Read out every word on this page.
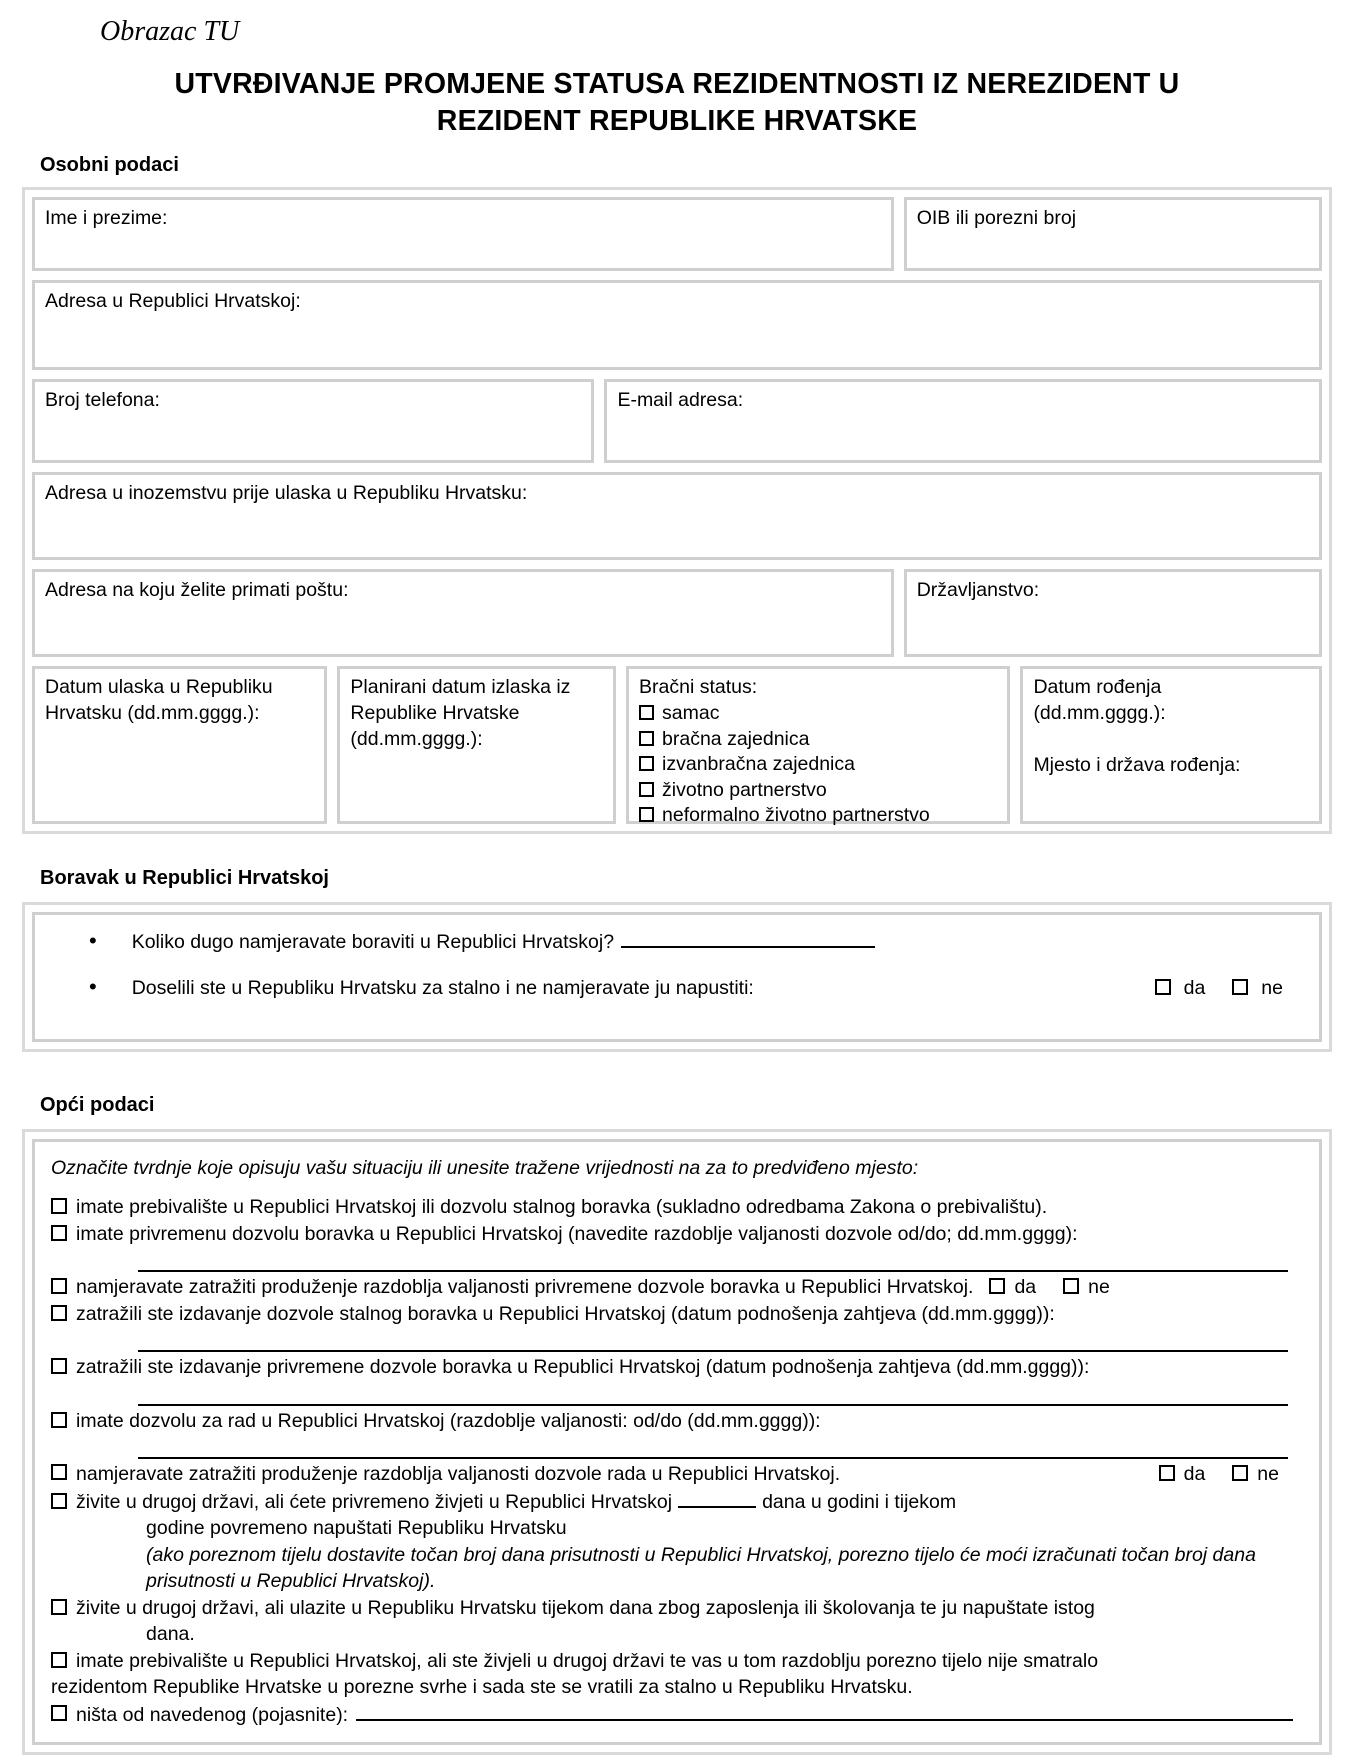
Obrazac TU
UTVRĐIVANJE PROMJENE STATUSA REZIDENTNOSTI IZ NEREZIDENT U
REZIDENT REPUBLIKE HRVATSKE
Osobni podaci
Ime i prezime:	OIB ili porezni broj
Adresa u Republici Hrvatskoj:
Broj telefona:	E-mail adresa:
Adresa u inozemstvu prije ulaska u Republiku Hrvatsku:
Adresa na koju želite primati poštu:	Državljanstvo:
Datum ulaska u Republiku Hrvatsku (dd.mm.gggg.):
Planirani datum izlaska iz Republike Hrvatske (dd.mm.gggg.):
Bračni status:
samac
bračna zajednica
izvanbračna zajednica
životno partnerstvo
neformalno životno partnerstvo
Datum rođenja
(dd.mm.gggg.):
Mjesto i država rođenja:
Boravak u Republici Hrvatskoj
• Koliko dugo namjeravate boraviti u Republici Hrvatskoj?
• Doselili ste u Republiku Hrvatsku za stalno i ne namjeravate ju napustiti:	da	ne
Opći podaci
Označite tvrdnje koje opisuju vašu situaciju ili unesite tražene vrijednosti na za to predviđeno mjesto:
imate prebivalište u Republici Hrvatskoj ili dozvolu stalnog boravka (sukladno odredbama Zakona o prebivalištu).
imate privremenu dozvolu boravka u Republici Hrvatskoj (navedite razdoblje valjanosti dozvole od/do; dd.mm.gggg):
namjeravate zatražiti produženje razdoblja valjanosti privremene dozvole boravka u Republici Hrvatskoj. da	ne
zatražili ste izdavanje dozvole stalnog boravka u Republici Hrvatskoj (datum podnošenja zahtjeva (dd.mm.gggg)):
zatražili ste izdavanje privremene dozvole boravka u Republici Hrvatskoj (datum podnošenja zahtjeva (dd.mm.gggg)):
imate dozvolu za rad u Republici Hrvatskoj (razdoblje valjanosti: od/do (dd.mm.gggg)):
namjeravate zatražiti produženje razdoblja valjanosti dozvole rada u Republici Hrvatskoj.	da	ne
živite u drugoj državi, ali ćete privremeno živjeti u Republici Hrvatskoj	dana u godini i tijekom
godine povremeno napuštati Republiku Hrvatsku
(ako poreznom tijelu dostavite točan broj dana prisutnosti u Republici Hrvatskoj, porezno tijelo će moći izračunati točan broj dana prisutnosti u Republici Hrvatskoj).
živite u drugoj državi, ali ulazite u Republiku Hrvatsku tijekom dana zbog zaposlenja ili školovanja te ju napuštate istog
dana.
imate prebivalište u Republici Hrvatskoj, ali ste živjeli u drugoj državi te vas u tom razdoblju porezno tijelo nije smatralo
rezidentom Republike Hrvatske u porezne svrhe i sada ste se vratili za stalno u Republiku Hrvatsku.
ništa od navedenog (pojasnite):
